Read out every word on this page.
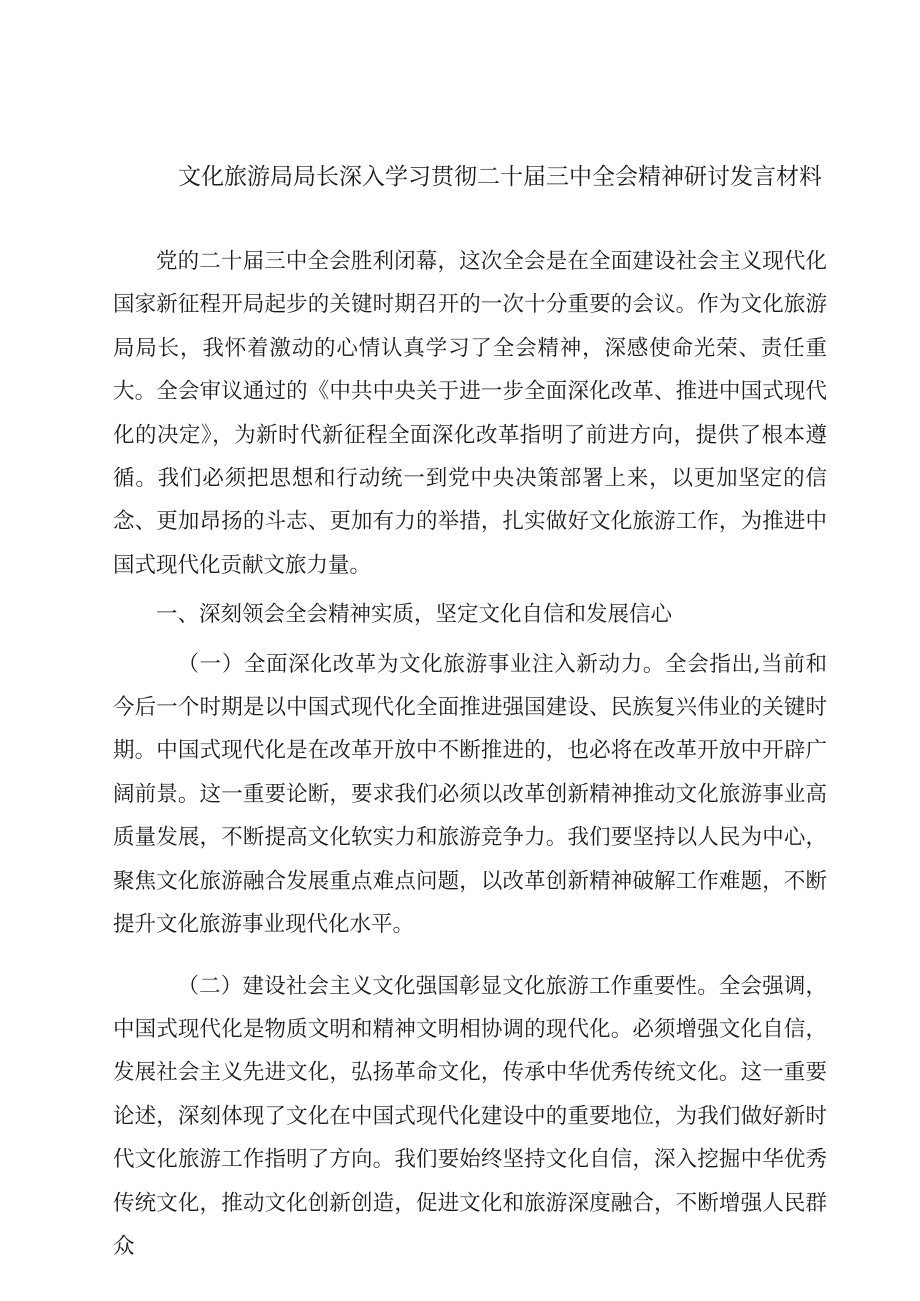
文化旅游局局长深入学习贯彻二十届三中全会精神研讨发言材料

党的二十届三中全会胜利闭幕，这次全会是在全面建设社会主义现代化国家新征程开局起步的关键时期召开的一次十分重要的会议。作为文化旅游局局长，我怀着激动的心情认真学习了全会精神，深感使命光荣、责任重大。全会审议通过的《中共中央关于进一步全面深化改革、推进中国式现代化的决定》，为新时代新征程全面深化改革指明了前进方向，提供了根本遵循。我们必须把思想和行动统一到党中央决策部署上来，以更加坚定的信念、更加昂扬的斗志、更加有力的举措，扎实做好文化旅游工作，为推进中国式现代化贡献文旅力量。

一、深刻领会全会精神实质，坚定文化自信和发展信心

（一）全面深化改革为文化旅游事业注入新动力。全会指出,当前和今后一个时期是以中国式现代化全面推进强国建设、民族复兴伟业的关键时期。中国式现代化是在改革开放中不断推进的，也必将在改革开放中开辟广阔前景。这一重要论断，要求我们必须以改革创新精神推动文化旅游事业高质量发展，不断提高文化软实力和旅游竞争力。我们要坚持以人民为中心，聚焦文化旅游融合发展重点难点问题，以改革创新精神破解工作难题，不断提升文化旅游事业现代化水平。

（二）建设社会主义文化强国彰显文化旅游工作重要性。全会强调，中国式现代化是物质文明和精神文明相协调的现代化。必须增强文化自信，发展社会主义先进文化，弘扬革命文化，传承中华优秀传统文化。这一重要论述，深刻体现了文化在中国式现代化建设中的重要地位，为我们做好新时代文化旅游工作指明了方向。我们要始终坚持文化自信，深入挖掘中华优秀传统文化，推动文化创新创造，促进文化和旅游深度融合，不断增强人民群众
